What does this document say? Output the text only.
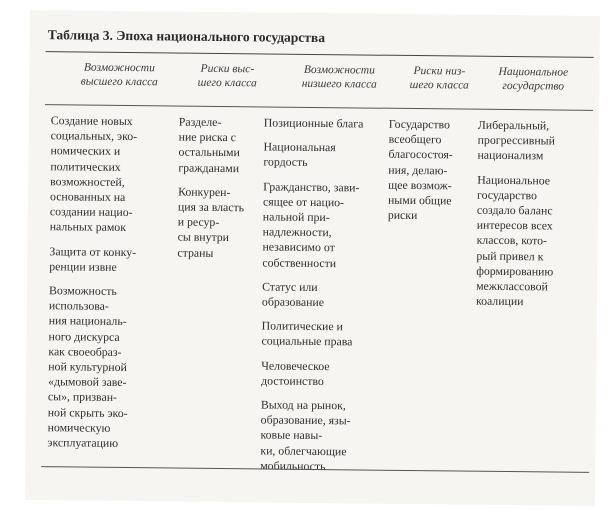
Таблица 3. Эпоха национального государства
Возможности
высшего класса
Риски выс-
шего класса
Возможности
низшего класса
Риски низ-
шего класса
Национальное
государство
Создание новых
социальных, эко-
номических и
политических
возможностей,
основанных на
создании нацио-
нальных рамок
Защита от конку-
ренции извне
Возможность
использова-
ния националь-
ного дискурса
как своеобраз-
ной культурной
«дымовой заве-
сы», призван-
ной скрыть эко-
номическую
эксплуатацию
Разделе-
ние риска с
остальными
гражданами
Конкурен-
ция за власть
и ресур-
сы внутри
страны
Позиционные блага
Национальная
гордость
Гражданство, зави-
сящее от нацио-
нальной при-
надлежности,
независимо от
собственности
Статус или
образование
Политические и
социальные права
Человеческое
достоинство
Выход на рынок,
образование, язы-
ковые навы-
ки, облегчающие
мобильность
Государство
всеобщего
благосостоя-
ния, делаю-
щее возмож-
ными общие
риски
Либеральный,
прогрессивный
национализм
Национальное
государство
создало баланс
интересов всех
классов, кото-
рый привел к
формированию
межклассовой
коалиции
